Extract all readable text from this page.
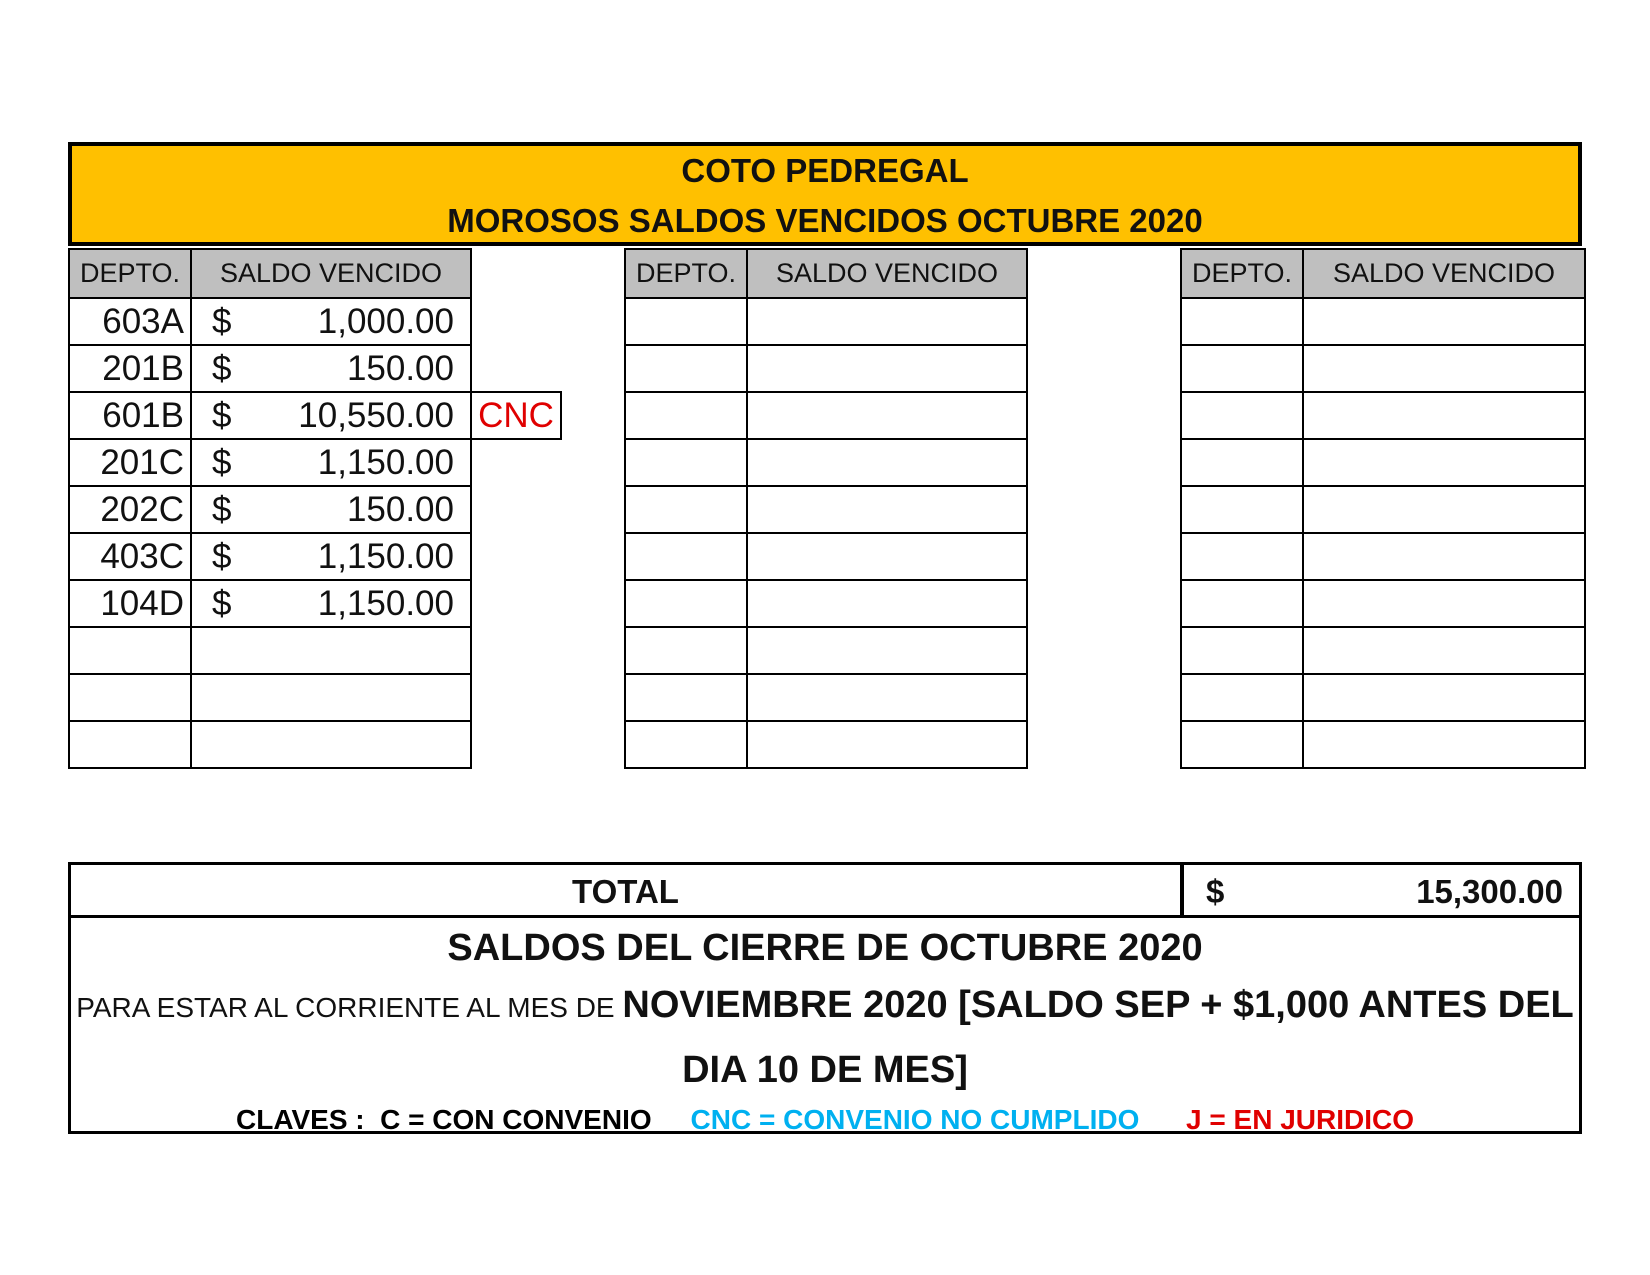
COTO PEDREGAL
MOROSOS SALDOS VENCIDOS OCTUBRE 2020
DEPTO.	SALDO VENCIDO	
603A	$ 1,000.00	

201B	$ 150.00	

601B	$ 10,550.00	CNC
201C	$ 1,150.00	

202C	$ 150.00	

403C	$ 1,150.00	

104D	$ 1,150.00	

DEPTO.	SALDO VENCIDO

		DEPTO.	SALDO VENCIDO

TOTAL	$	15,300.00
SALDOS DEL CIERRE DE OCTUBRE 2020
PARA ESTAR AL CORRIENTE AL MES DE NOVIEMBRE 2020 [SALDO SEP + $1,000 ANTES DEL
DIA 10 DE MES]
CLAVES :  C = CON CONVENIO CNC = CONVENIO NO CUMPLIDO J = EN JURIDICO
